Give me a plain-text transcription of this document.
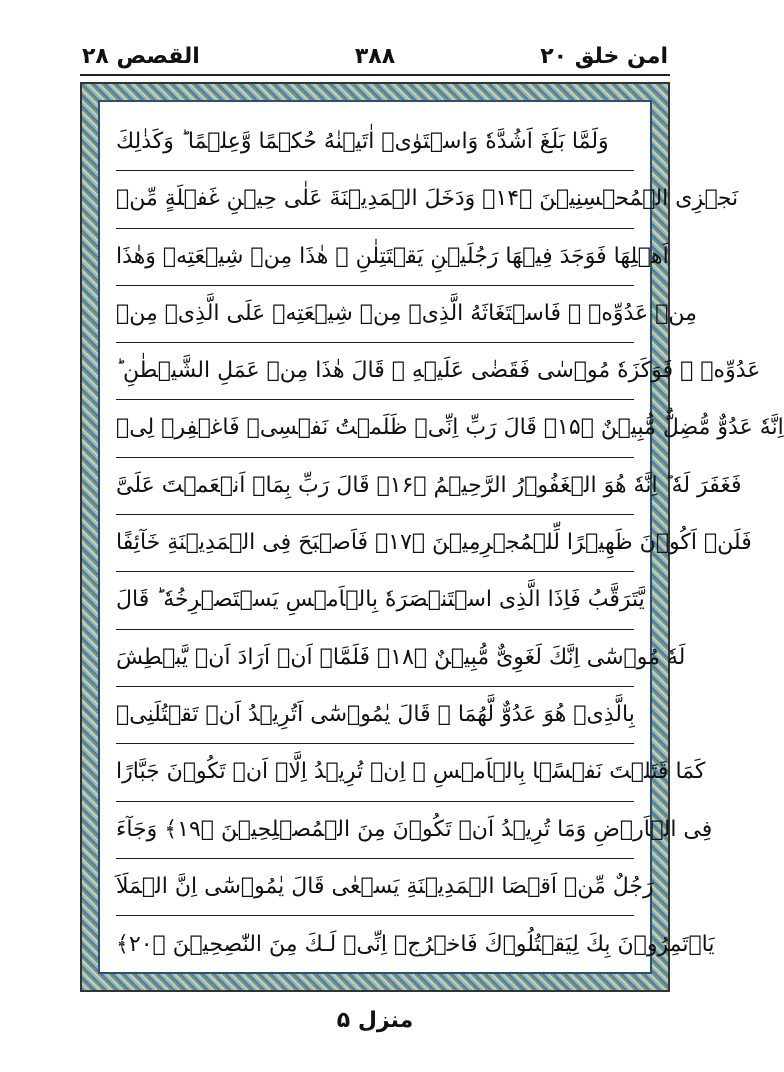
امن خلق ۲۰
۳۸۸
القصص ۲۸
وَلَمَّا بَلَغَ اَشُدَّهٗ وَاسۡتَوٰىۤ اٰتَيۡنٰهُ حُكۡمًا وَّعِلۡمًا ؕ وَكَذٰلِكَ
نَجۡزِى الۡمُحۡسِنِيۡنَ ﴿۱۴﴾ وَدَخَلَ الۡمَدِيۡنَةَ عَلٰى حِيۡنِ غَفۡلَةٍ مِّنۡ
اَهۡلِهَا فَوَجَدَ فِيۡهَا رَجُلَيۡنِ يَقۡتَتِلٰنِ ۖ هٰذَا مِنۡ شِيۡعَتِهٖ وَهٰذَا
مِنۡ عَدُوِّهٖ ۚ فَاسۡتَغَاثَهُ الَّذِىۡ مِنۡ شِيۡعَتِهٖ عَلَى الَّذِىۡ مِنۡ
عَدُوِّهٖ ۙ فَوَكَزَهٗ مُوۡسٰى فَقَضٰى عَلَيۡهِ ۖ قَالَ هٰذَا مِنۡ عَمَلِ الشَّيۡطٰنِ ؕ
اِنَّهٗ عَدُوٌّ مُّضِلٌّ مُّبِيۡنٌ ﴿۱۵﴾ قَالَ رَبِّ اِنِّىۡ ظَلَمۡتُ نَفۡسِىۡ فَاغۡفِرۡ لِىۡ
فَغَفَرَ لَهٗ ؕ اِنَّهٗ هُوَ الۡغَفُوۡرُ الرَّحِيۡمُ ﴿۱۶﴾ قَالَ رَبِّ بِمَاۤ اَنۡعَمۡتَ عَلَىَّ
فَلَنۡ اَكُوۡنَ ظَهِيۡرًا لِّلۡمُجۡرِمِيۡنَ ﴿۱۷﴾ فَاَصۡبَحَ فِى الۡمَدِيۡنَةِ خَآئِفًا
يَّتَرَقَّبُ فَاِذَا الَّذِى اسۡتَنۡصَرَهٗ بِالۡاَمۡسِ يَسۡتَصۡرِخُهٗ ؕ قَالَ
لَهٗ مُوۡسٰٓى اِنَّكَ لَغَوِىٌّ مُّبِيۡنٌ ﴿۱۸﴾ فَلَمَّاۤ اَنۡ اَرَادَ اَنۡ يَّبۡطِشَ
بِالَّذِىۡ هُوَ عَدُوٌّ لَّهُمَا ۙ قَالَ يٰمُوۡسٰٓى اَتُرِيۡدُ اَنۡ تَقۡتُلَنِىۡ
كَمَا قَتَلۡتَ نَفۡسًۢا بِالۡاَمۡسِ ۖ اِنۡ تُرِيۡدُ اِلَّاۤ اَنۡ تَكُوۡنَ جَبَّارًا
فِى الۡاَرۡضِ وَمَا تُرِيۡدُ اَنۡ تَكُوۡنَ مِنَ الۡمُصۡلِحِيۡنَ ﴿۱۹﴾ وَجَآءَ
رَجُلٌ مِّنۡ اَقۡصَا الۡمَدِيۡنَةِ يَسۡعٰى قَالَ يٰمُوۡسٰٓى اِنَّ الۡمَلَاَ
يَاۡتَمِرُوۡنَ بِكَ لِيَقۡتُلُوۡكَ فَاخۡرُجۡ اِنِّىۡ لَـكَ مِنَ النّٰصِحِيۡنَ ﴿۲۰﴾
منزل ۵
